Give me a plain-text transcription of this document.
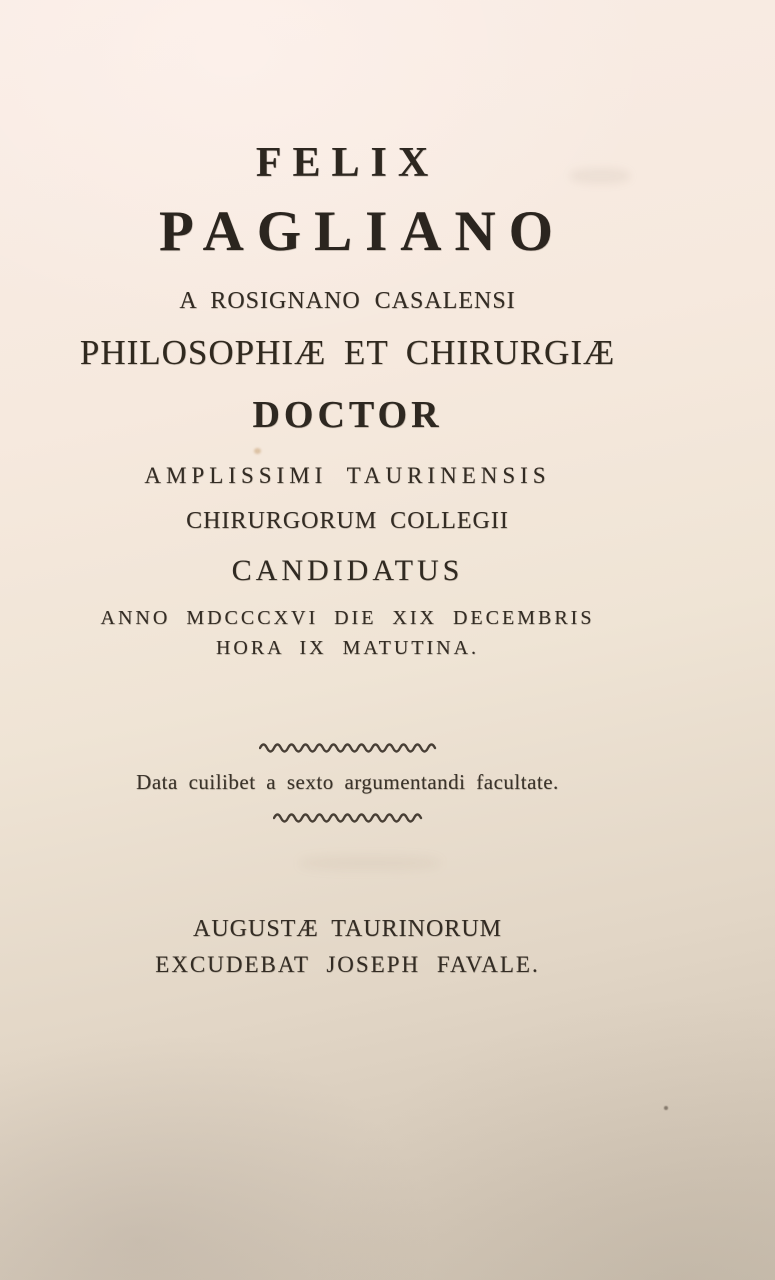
FELIX
PAGLIANO
A ROSIGNANO CASALENSI
PHILOSOPHIÆ ET CHIRURGIÆ
DOCTOR
AMPLISSIMI TAURINENSIS
CHIRURGORUM COLLEGII
CANDIDATUS
ANNO MDCCCXVI DIE XIX DECEMBRIS
HORA IX MATUTINA.
Data cuilibet a sexto argumentandi facultate.
AUGUSTÆ TAURINORUM
EXCUDEBAT JOSEPH FAVALE.
